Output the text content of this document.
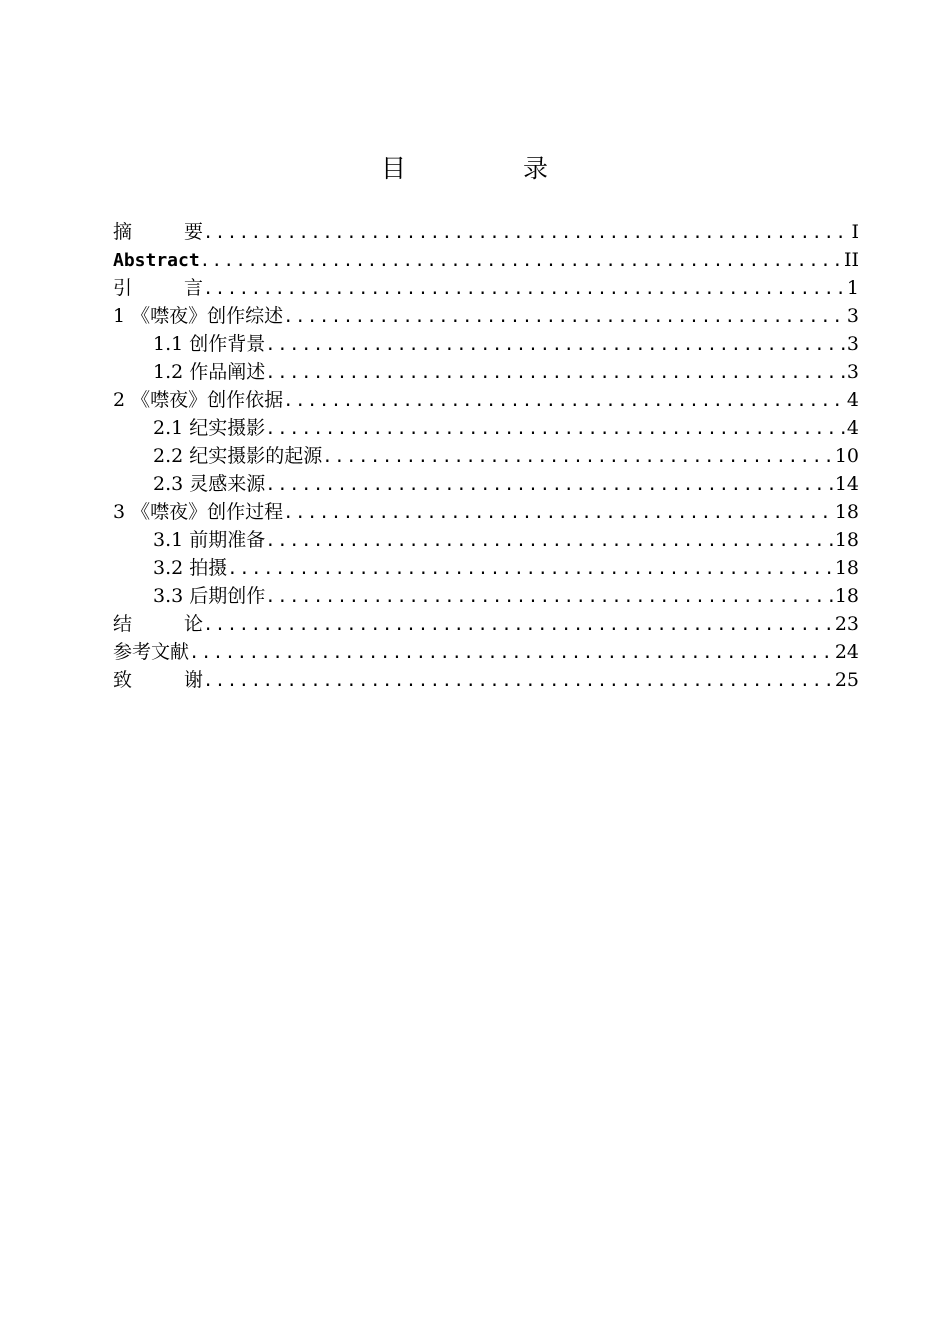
目　录
摘　要 .....	I
Abstract .....	II
引　言 .....	1
1 《噤夜》创作综述 .....	3
1.1 创作背景 .....	3
1.2 作品阐述 .....	3
2 《噤夜》创作依据 .....	4
2.1 纪实摄影 .....	4
2.2 纪实摄影的起源 .....	10
2.3 灵感来源 .....	14
3 《噤夜》创作过程 .....	18
3.1 前期准备 .....	18
3.2 拍摄 .....	18
3.3 后期创作 .....	18
结　论 .....	23
参考文献 .....	24
致　谢 .....	25
